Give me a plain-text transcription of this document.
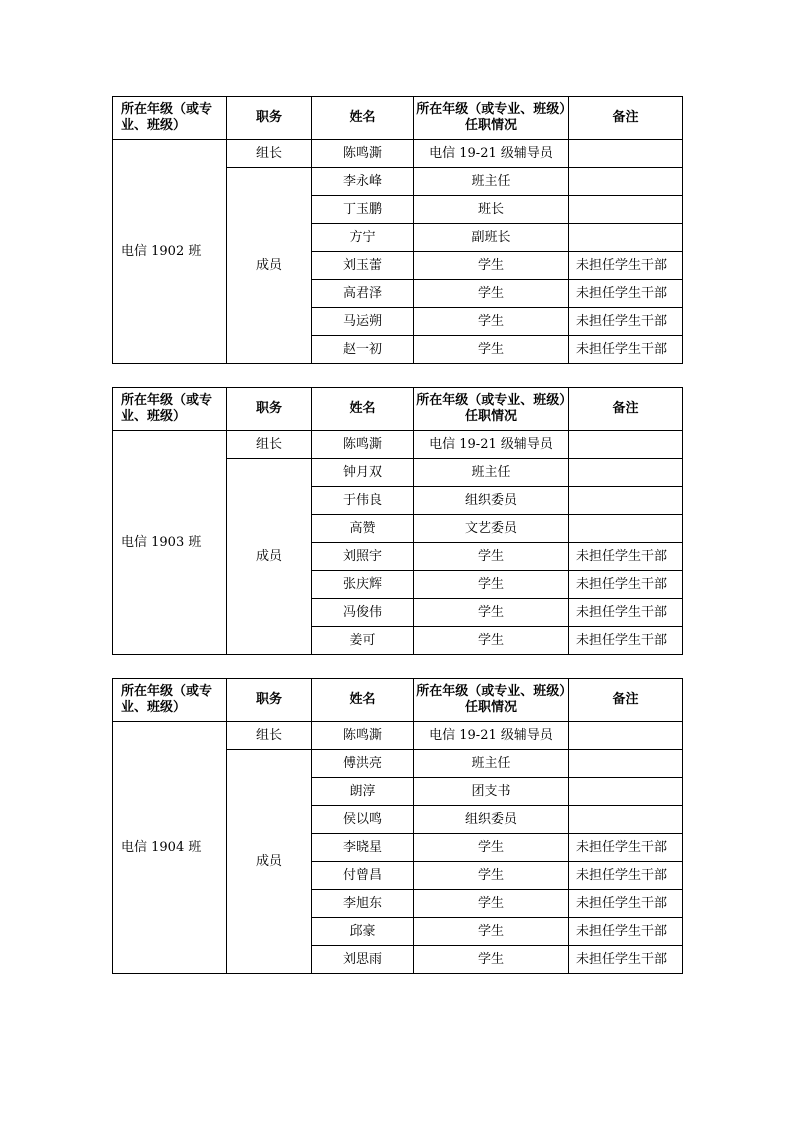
所在年级（或专业、班级）	职务	姓名	所在年级（或专业、班级）任职情况	备注
电信 1902 班	组长	陈鸣澌	电信 19-21 级辅导员	
	成员	李永峰	班主任	
		丁玉鹏	班长	
		方宁	副班长	
		刘玉蕾	学生	未担任学生干部
		高君泽	学生	未担任学生干部
		马运朔	学生	未担任学生干部
		赵一初	学生	未担任学生干部
所在年级（或专业、班级）	职务	姓名	所在年级（或专业、班级）任职情况	备注
电信 1903 班	组长	陈鸣澌	电信 19-21 级辅导员	
	成员	钟月双	班主任	
		于伟良	组织委员	
		高赞	文艺委员	
		刘照宇	学生	未担任学生干部
		张庆辉	学生	未担任学生干部
		冯俊伟	学生	未担任学生干部
		姜可	学生	未担任学生干部
所在年级（或专业、班级）	职务	姓名	所在年级（或专业、班级）任职情况	备注
电信 1904 班	组长	陈鸣澌	电信 19-21 级辅导员	
	成员	傅洪亮	班主任	
		朗淳	团支书	
		侯以鸣	组织委员	
		李晓星	学生	未担任学生干部
		付曾昌	学生	未担任学生干部
		李旭东	学生	未担任学生干部
		邱豪	学生	未担任学生干部
		刘思雨	学生	未担任学生干部
